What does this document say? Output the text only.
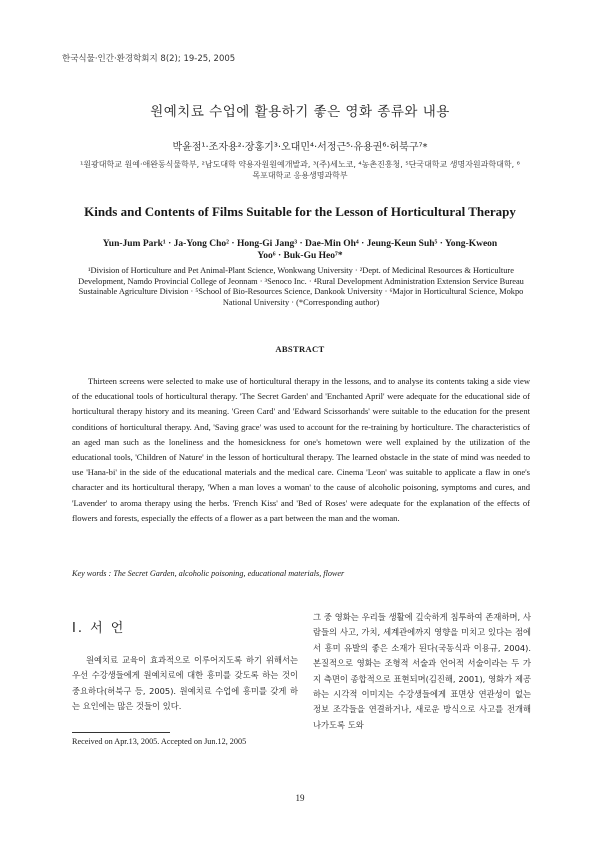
한국식물·인간·환경학회지 8(2); 19-25, 2005
원예치료 수업에 활용하기 좋은 영화 종류와 내용
박윤점¹·조자용²·장홍기³·오대민⁴·서정근⁵·유용권⁶·허북구⁷*
¹원광대학교 원예·애완동식물학부, ²남도대학 약용자원원예개발과, ³(주)세노코, ⁴농촌진흥청, ⁵단국대학교 생명자원과학대학, ⁶목포대학교 응용생명과학부
Kinds and Contents of Films Suitable for the Lesson of Horticultural Therapy
Yun-Jum Park¹ · Ja-Yong Cho² · Hong-Gi Jang³ · Dae-Min Oh⁴ · Jeung-Keun Suh⁵ · Yong-Kweon Yoo⁶ · Buk-Gu Heo⁷*
¹Division of Horticulture and Pet Animal-Plant Science, Wonkwang University · ²Dept. of Medicinal Resources & Horticulture Development, Namdo Provincial College of Jeonnam · ³Senoco Inc. · ⁴Rural Development Administration Extension Service Bureau Sustainable Agriculture Division · ⁵School of Bio-Resources Science, Dankook University · ⁶Major in Horticultural Science, Mokpo National University · (*Corresponding author)
ABSTRACT

Thirteen screens were selected to make use of horticultural therapy in the lessons, and to analyse its contents taking a side view of the educational tools of horticultural therapy. 'The Secret Garden' and 'Enchanted April' were adequate for the educational side of horticultural therapy history and its meaning. 'Green Card' and 'Edward Scissorhands' were suitable to the education for the present conditions of horticultural therapy. And, 'Saving grace' was used to account for the re-training by horticulture. The characteristics of an aged man such as the loneliness and the homesickness for one's hometown were well explained by the utilization of the educational tools, 'Children of Nature' in the lesson of horticultural therapy. The learned obstacle in the state of mind was needed to use 'Hana-bi' in the side of the educational materials and the medical care. Cinema 'Leon' was suitable to applicate a flaw in one's character and its horticultural therapy, 'When a man loves a woman' to the cause of alcoholic poisoning, symptoms and cures, and 'Lavender' to aroma therapy using the herbs. 'French Kiss' and 'Bed of Roses' were adequate for the explanation of the effects of flowers and forests, especially the effects of a flower as a part between the man and the woman.

Key words : The Secret Garden, alcoholic poisoning, educational materials, flower
Ⅰ. 서 언

원예치료 교육이 효과적으로 이루어지도록 하기 위해서는 우선 수강생들에게 원예치료에 대한 흥미를 갖도록 하는 것이 중요하다(허북구 등, 2005). 원예치료 수업에 흥미를 갖게 하는 요인에는 많은 것들이 있다.

그 중 영화는 우리들 생활에 깊숙하게 침투하여 존재하며, 사람들의 사고, 가치, 세계관에까지 영향을 미치고 있다는 점에서 흥미 유발의 좋은 소재가 된다(국동식과 이용규, 2004). 본질적으로 영화는 조형적 서술과 언어적 서술이라는 두 가지 측면이 종합적으로 표현되며(김진해, 2001), 영화가 제공하는 시각적 이미지는 수강생들에게 표면상 연관성이 없는 정보 조각들을 연결하거나, 새로운 방식으로 사고를 전개해 나가도록 도와

Received on Apr.13, 2005. Accepted on Jun.12, 2005
19
